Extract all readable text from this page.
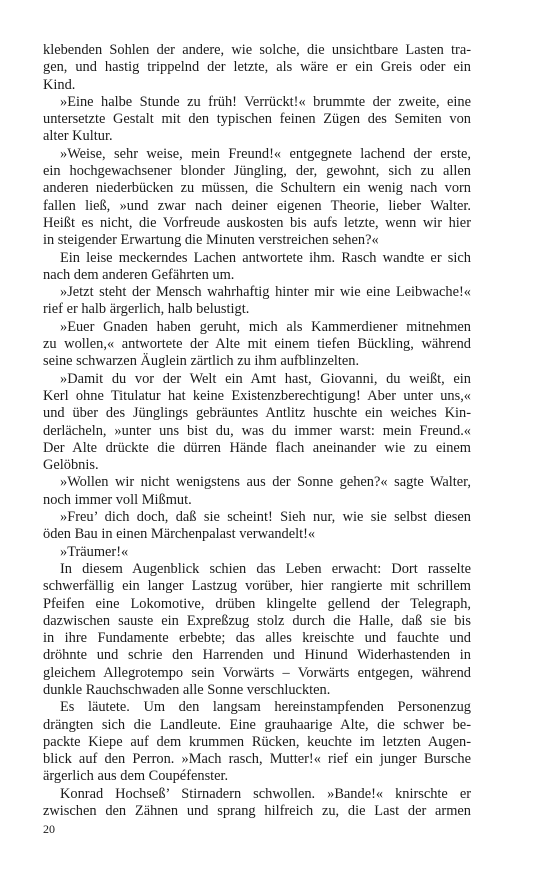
klebenden Sohlen der andere, wie solche, die unsichtbare Lasten tra-
gen, und hastig trippelnd der letzte, als wäre er ein Greis oder ein
Kind.
»Eine halbe Stunde zu früh! Verrückt!« brummte der zweite, eine
untersetzte Gestalt mit den typischen feinen Zügen des Semiten von
alter Kultur.
»Weise, sehr weise, mein Freund!« entgegnete lachend der erste,
ein hochgewachsener blonder Jüngling, der, gewohnt, sich zu allen
anderen niederbücken zu müssen, die Schultern ein wenig nach vorn
fallen ließ, »und zwar nach deiner eigenen Theorie, lieber Walter.
Heißt es nicht, die Vorfreude auskosten bis aufs letzte, wenn wir hier
in steigender Erwartung die Minuten verstreichen sehen?«
Ein leise meckerndes Lachen antwortete ihm. Rasch wandte er sich
nach dem anderen Gefährten um.
»Jetzt steht der Mensch wahrhaftig hinter mir wie eine Leibwache!«
rief er halb ärgerlich, halb belustigt.
»Euer Gnaden haben geruht, mich als Kammerdiener mitnehmen
zu wollen,« antwortete der Alte mit einem tiefen Bückling, während
seine schwarzen Äuglein zärtlich zu ihm aufblinzelten.
»Damit du vor der Welt ein Amt hast, Giovanni, du weißt, ein
Kerl ohne Titulatur hat keine Existenzberechtigung! Aber unter uns,«
und über des Jünglings gebräuntes Antlitz huschte ein weiches Kin-
derlächeln, »unter uns bist du, was du immer warst: mein Freund.«
Der Alte drückte die dürren Hände flach aneinander wie zu einem
Gelöbnis.
»Wollen wir nicht wenigstens aus der Sonne gehen?« sagte Walter,
noch immer voll Mißmut.
»Freu’ dich doch, daß sie scheint! Sieh nur, wie sie selbst diesen
öden Bau in einen Märchenpalast verwandelt!«
»Träumer!«
In diesem Augenblick schien das Leben erwacht: Dort rasselte
schwerfällig ein langer Lastzug vorüber, hier rangierte mit schrillem
Pfeifen eine Lokomotive, drüben klingelte gellend der Telegraph,
dazwischen sauste ein Expreßzug stolz durch die Halle, daß sie bis
in ihre Fundamente erbebte; das alles kreischte und fauchte und
dröhnte und schrie den Harrenden und Hinund Widerhastenden in
gleichem Allegrotempo sein Vorwärts – Vorwärts entgegen, während
dunkle Rauchschwaden alle Sonne verschluckten.
Es läutete. Um den langsam hereinstampfenden Personenzug
drängten sich die Landleute. Eine grauhaarige Alte, die schwer be-
packte Kiepe auf dem krummen Rücken, keuchte im letzten Augen-
blick auf den Perron. »Mach rasch, Mutter!« rief ein junger Bursche
ärgerlich aus dem Coupéfenster.
Konrad Hochseß’ Stirnadern schwollen. »Bande!« knirschte er
zwischen den Zähnen und sprang hilfreich zu, die Last der armen
20
